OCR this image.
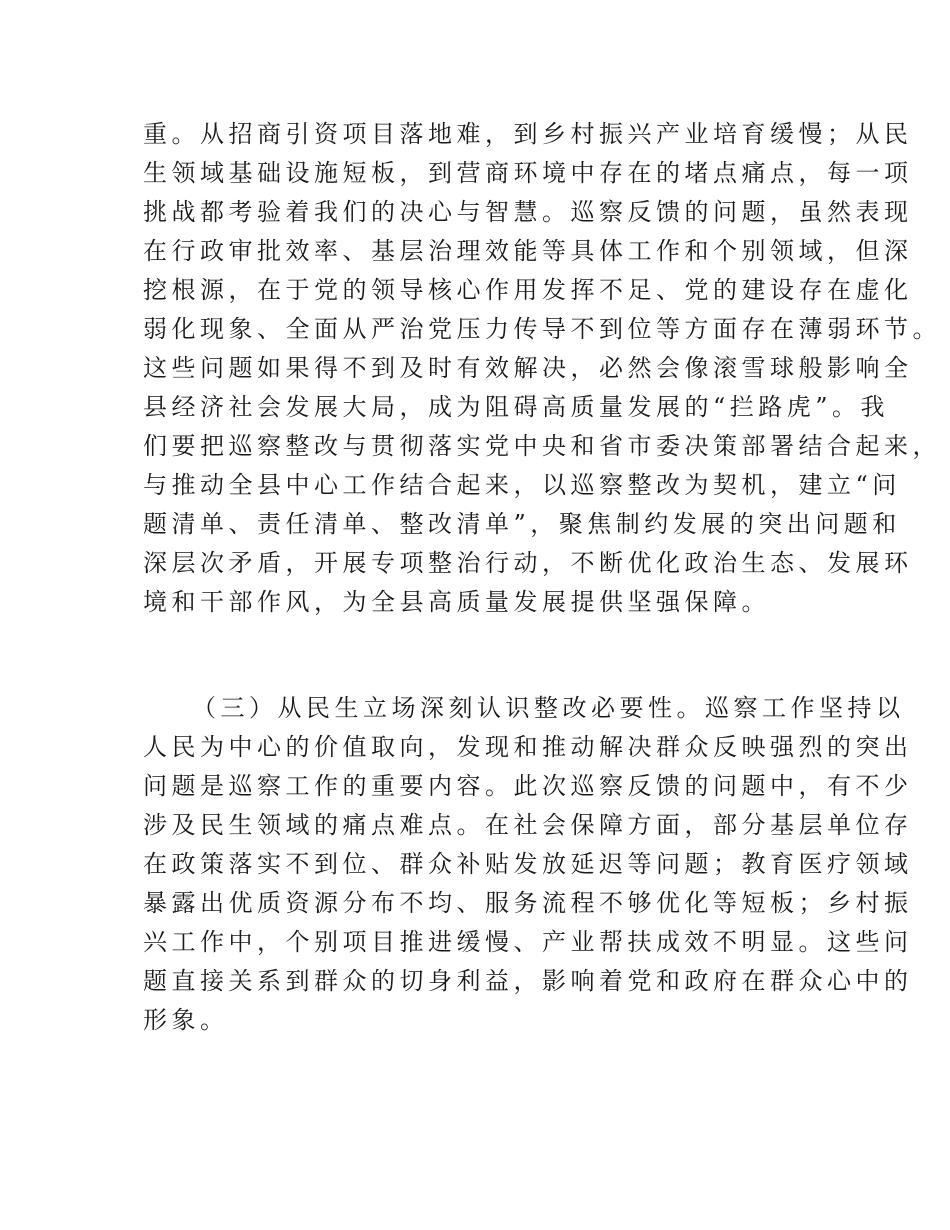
重。从招商引资项目落地难，到乡村振兴产业培育缓慢；从民
生领域基础设施短板，到营商环境中存在的堵点痛点，每一项
挑战都考验着我们的决心与智慧。巡察反馈的问题，虽然表现
在行政审批效率、基层治理效能等具体工作和个别领域，但深
挖根源，在于党的领导核心作用发挥不足、党的建设存在虚化
弱化现象、全面从严治党压力传导不到位等方面存在薄弱环节。
这些问题如果得不到及时有效解决，必然会像滚雪球般影响全
县经济社会发展大局，成为阻碍高质量发展的“拦路虎”。我
们要把巡察整改与贯彻落实党中央和省市委决策部署结合起来，
与推动全县中心工作结合起来，以巡察整改为契机，建立“问
题清单、责任清单、整改清单”，聚焦制约发展的突出问题和
深层次矛盾，开展专项整治行动，不断优化政治生态、发展环
境和干部作风，为全县高质量发展提供坚强保障。
（三）从民生立场深刻认识整改必要性。巡察工作坚持以
人民为中心的价值取向，发现和推动解决群众反映强烈的突出
问题是巡察工作的重要内容。此次巡察反馈的问题中，有不少
涉及民生领域的痛点难点。在社会保障方面，部分基层单位存
在政策落实不到位、群众补贴发放延迟等问题；教育医疗领域
暴露出优质资源分布不均、服务流程不够优化等短板；乡村振
兴工作中，个别项目推进缓慢、产业帮扶成效不明显。这些问
题直接关系到群众的切身利益，影响着党和政府在群众心中的
形象。
